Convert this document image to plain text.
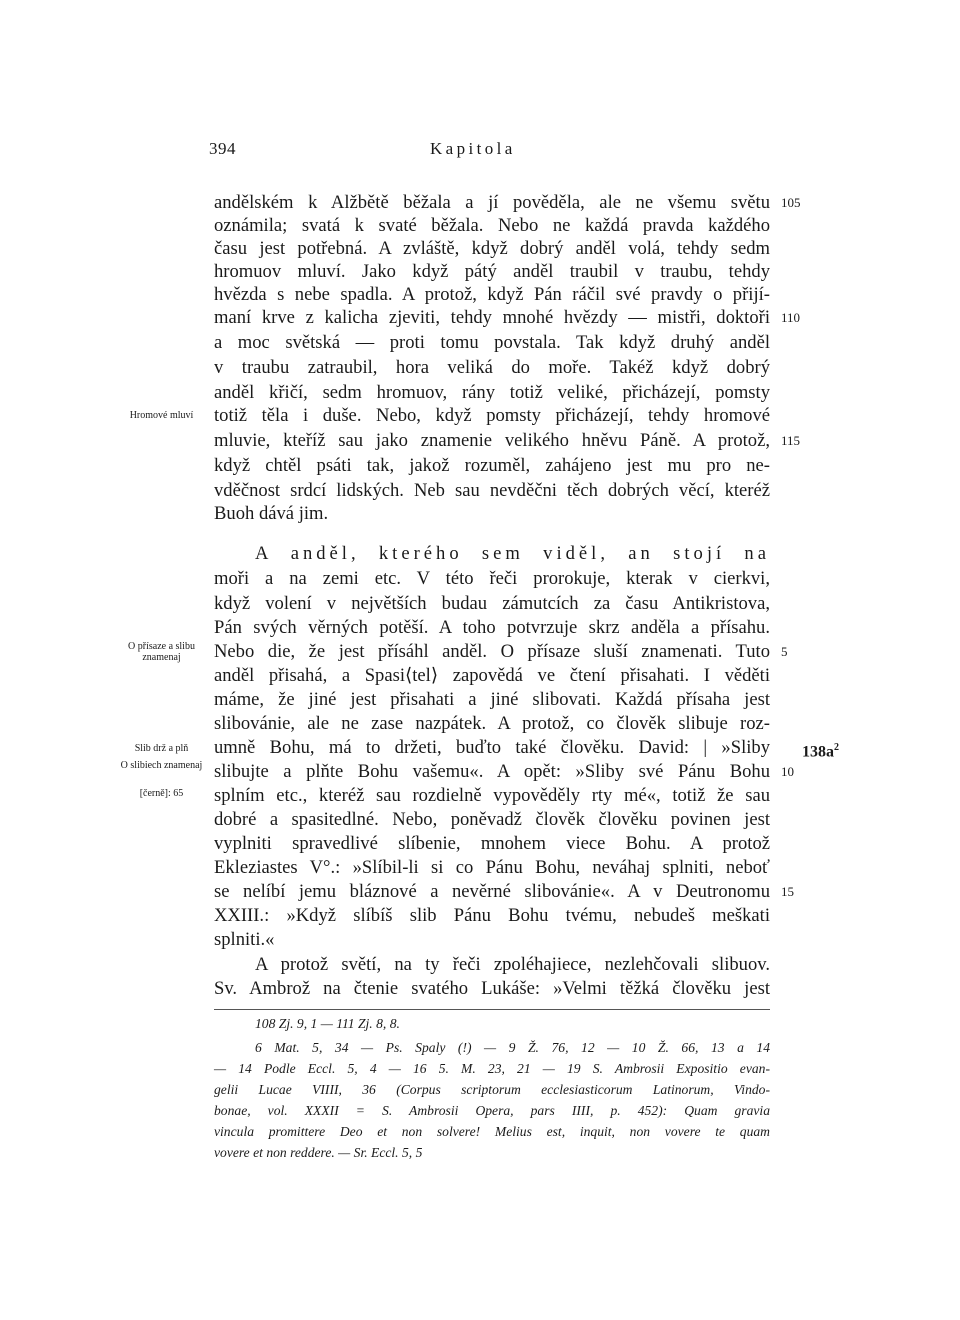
394	Kapitola
andělském k Alžbětě běžala a jí pověděla, ale ne všemu světu
oznámila; svatá k svaté běžala. Nebo ne každá pravda každého
času jest potřebná. A zvláště, když dobrý anděl volá, tehdy sedm
hromuov mluví. Jako když pátý anděl traubil v traubu, tehdy
hvězda s nebe spadla. A protož, když Pán ráčil své pravdy o přijí-
maní krve z kalicha zjeviti, tehdy mnohé hvězdy — mistři, doktoři
a moc světská — proti tomu povstala. Tak když druhý anděl
v traubu zatraubil, hora veliká do moře. Takéž když dobrý
anděl křičí, sedm hromuov, rány totiž veliké, přicházejí, pomsty
totiž těla i duše. Nebo, když pomsty přicházejí, tehdy hromové
mluvie, kteříž sau jako znamenie velikého hněvu Páně. A protož,
když chtěl psáti tak, jakož rozuměl, zahájeno jest mu pro ne-
vděčnost srdcí lidských. Neb sau nevděčni těch dobrých věcí, kteréž
Buoh dává jim.
A anděl, kterého sem viděl, an stojí na
moři a na zemi etc. V této řeči prorokuje, kterak v cierkvi,
když volení v největších budau zámutcích za času Antikristova,
Pán svých věrných potěší. A toho potvrzuje skrz anděla a přísahu.
Nebo die, že jest přísáhl anděl. O přísaze sluší znamenati. Tuto
anděl přisahá, a Spasi⟨tel⟩ zapovědá ve čtení přisahati. I věděti
máme, že jiné jest přisahati a jiné slibovati. Každá přísaha jest
slibovánie, ale ne zase nazpátek. A protož, co člověk slibuje roz-
umně Bohu, má to držeti, buďto také člověku. David: | »Sliby
slibujte a plňte Bohu vašemu«. A opět: »Sliby své Pánu Bohu
splním etc., kteréž sau rozdielně vypověděly rty mé«, totiž že sau
dobré a spasitedlné. Nebo, poněvadž člověk člověku povinen jest
vyplniti spravedlivé slíbenie, mnohem viece Bohu. A protož
Ekleziastes V°.: »Slíbil-li si co Pánu Bohu, neváhaj splniti, neboť
se nelíbí jemu bláznové a nevěrné slibovánie«. A v Deutronomu
XXIII.: »Když slíbíš slib Pánu Bohu tvému, nebudeš meškati
splniti.«
A protož světí, na ty řeči zpoléhajiece, nezlehčovali slibuov.
Sv. Ambrož na čtenie svatého Lukáše: »Velmi těžká člověku jest
Hromové mluví
O přísaze a slibu znamenaj
Slib drž a plň
O slibiech znamenaj
[černě]: 65
105
110
115
5
10
15
$138a^2$
108 Zj. 9, 1 — 111 Zj. 8, 8.
6 Mat. 5, 34 — Ps. Spaly (!) — 9 Ž. 76, 12 — 10 Ž. 66, 13 a 14
— 14 Podle Eccl. 5, 4 — 16 5. M. 23, 21 — 19 S. Ambrosii Expositio evan-
gelii Lucae VIIII, 36 (Corpus scriptorum ecclesiasticorum Latinorum, Vindo-
bonae, vol. XXXII = S. Ambrosii Opera, pars IIII, p. 452): Quam gravia
vincula promittere Deo et non solvere! Melius est, inquit, non vovere te quam
vovere et non reddere. — Sr. Eccl. 5, 5
